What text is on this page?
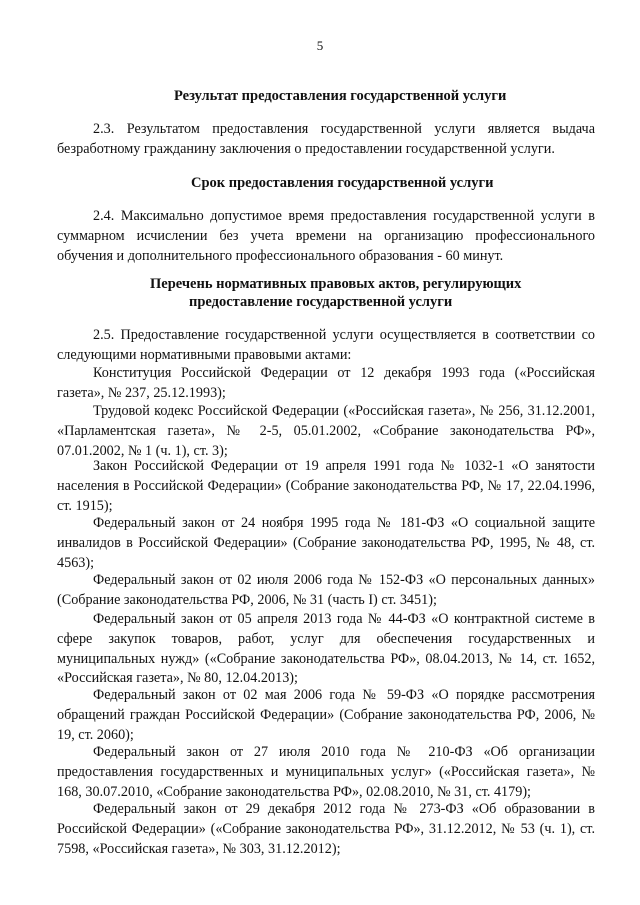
5
Результат предоставления государственной услуги
2.3. Результатом предоставления государственной услуги является выдача безработному гражданину заключения о предоставлении государственной услуги.
Срок предоставления государственной услуги
2.4. Максимально допустимое время предоставления государственной услуги в суммарном исчислении без учета времени на организацию профессионального обучения и дополнительного профессионального образования - 60 минут.
Перечень нормативных правовых актов, регулирующих
предоставление государственной услуги
2.5. Предоставление государственной услуги осуществляется в соответствии со следующими нормативными правовыми актами:
Конституция Российской Федерации от 12 декабря 1993 года («Российская газета», № 237, 25.12.1993);
Трудовой кодекс Российской Федерации («Российская газета», № 256, 31.12.2001, «Парламентская газета», № 2-5, 05.01.2002, «Собрание законодательства РФ», 07.01.2002, № 1 (ч. 1), ст. 3);
Закон Российской Федерации от 19 апреля 1991 года № 1032-1 «О занятости населения в Российской Федерации» (Собрание законодательства РФ, № 17, 22.04.1996, ст. 1915);
Федеральный закон от 24 ноября 1995 года № 181-ФЗ «О социальной защите инвалидов в Российской Федерации» (Собрание законодательства РФ, 1995, № 48, ст. 4563);
Федеральный закон от 02 июля 2006 года № 152-ФЗ «О персональных данных» (Собрание законодательства РФ, 2006, № 31 (часть I) ст. 3451);
Федеральный закон от 05 апреля 2013 года № 44-ФЗ «О контрактной системе в сфере закупок товаров, работ, услуг для обеспечения государственных и муниципальных нужд» («Собрание законодательства РФ», 08.04.2013, № 14, ст. 1652, «Российская газета», № 80, 12.04.2013);
Федеральный закон от 02 мая 2006 года № 59-ФЗ «О порядке рассмотрения обращений граждан Российской Федерации» (Собрание законодательства РФ, 2006, № 19, ст. 2060);
Федеральный закон от 27 июля 2010 года № 210-ФЗ «Об организации предоставления государственных и муниципальных услуг» («Российская газета», № 168, 30.07.2010, «Собрание законодательства РФ», 02.08.2010, № 31, ст. 4179);
Федеральный закон от 29 декабря 2012 года № 273-ФЗ «Об образовании в Российской Федерации» («Собрание законодательства РФ», 31.12.2012, № 53 (ч. 1), ст. 7598, «Российская газета», № 303, 31.12.2012);
